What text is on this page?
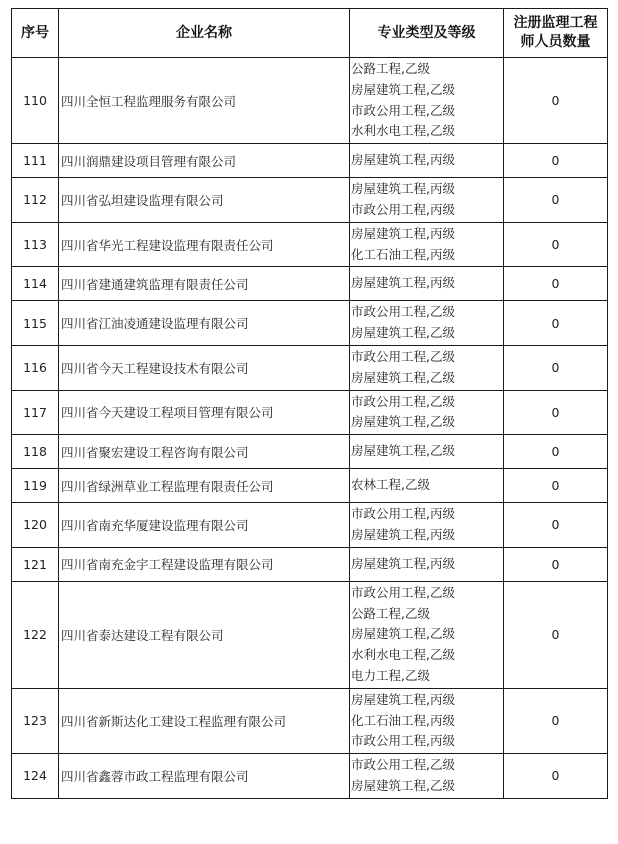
序号	企业名称	专业类型及等级	注册监理工程
师人员数量

110	四川全恒工程监理服务有限公司	公路工程,乙级
房屋建筑工程,乙级
市政公用工程,乙级
水利水电工程,乙级	0
111	四川润鼎建设项目管理有限公司	房屋建筑工程,丙级	0
112	四川省弘坦建设监理有限公司	房屋建筑工程,丙级
市政公用工程,丙级	0
113	四川省华光工程建设监理有限责任公司	房屋建筑工程,丙级
化工石油工程,丙级	0
114	四川省建通建筑监理有限责任公司	房屋建筑工程,丙级	0
115	四川省江油凌通建设监理有限公司	市政公用工程,乙级
房屋建筑工程,乙级	0
116	四川省今天工程建设技术有限公司	市政公用工程,乙级
房屋建筑工程,乙级	0
117	四川省今天建设工程项目管理有限公司	市政公用工程,乙级
房屋建筑工程,乙级	0
118	四川省聚宏建设工程咨询有限公司	房屋建筑工程,乙级	0
119	四川省绿洲草业工程监理有限责任公司	农林工程,乙级	0
120	四川省南充华厦建设监理有限公司	市政公用工程,丙级
房屋建筑工程,丙级	0
121	四川省南充金宇工程建设监理有限公司	房屋建筑工程,丙级	0
122	四川省泰达建设工程有限公司	市政公用工程,乙级
公路工程,乙级
房屋建筑工程,乙级
水利水电工程,乙级
电力工程,乙级	0
123	四川省新斯达化工建设工程监理有限公司	房屋建筑工程,丙级
化工石油工程,丙级
市政公用工程,丙级	0
124	四川省鑫蓉市政工程监理有限公司	市政公用工程,乙级
房屋建筑工程,乙级	0
